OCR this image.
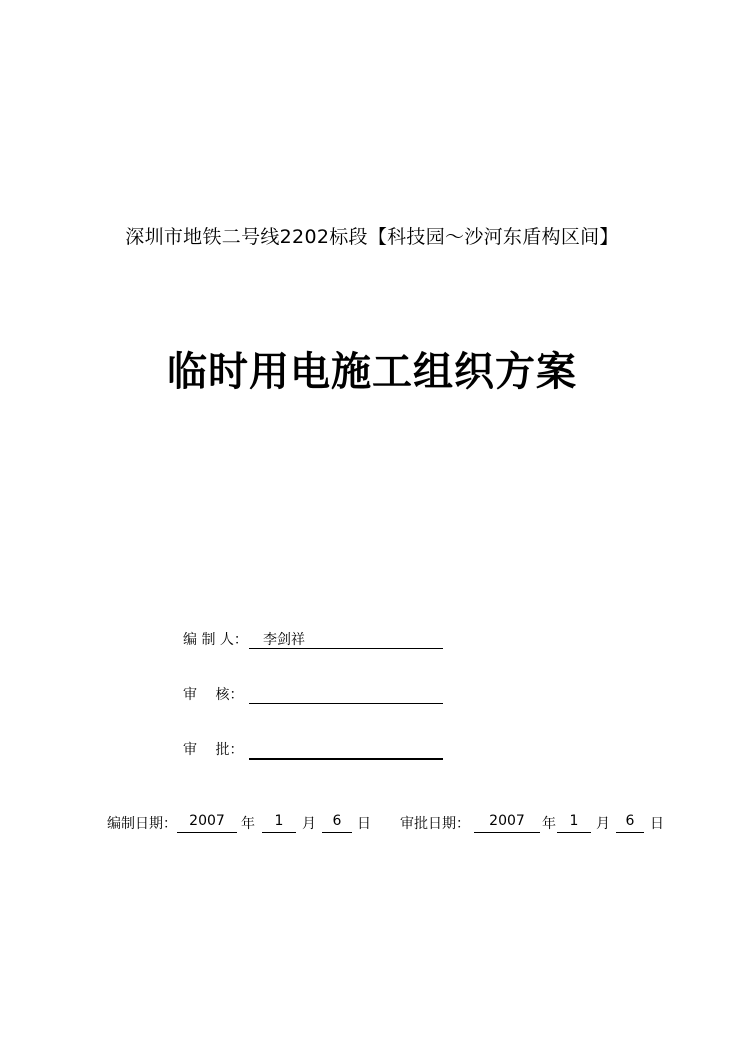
深圳市地铁二号线2202标段【科技园～沙河东盾构区间】
临时用电施工组织方案
编 制 人： 李剑祥
审 　核：
审 　批：
编制日期： 2007	年	1	月	6	日 审批日期：	2007	年 1	月	6	日
